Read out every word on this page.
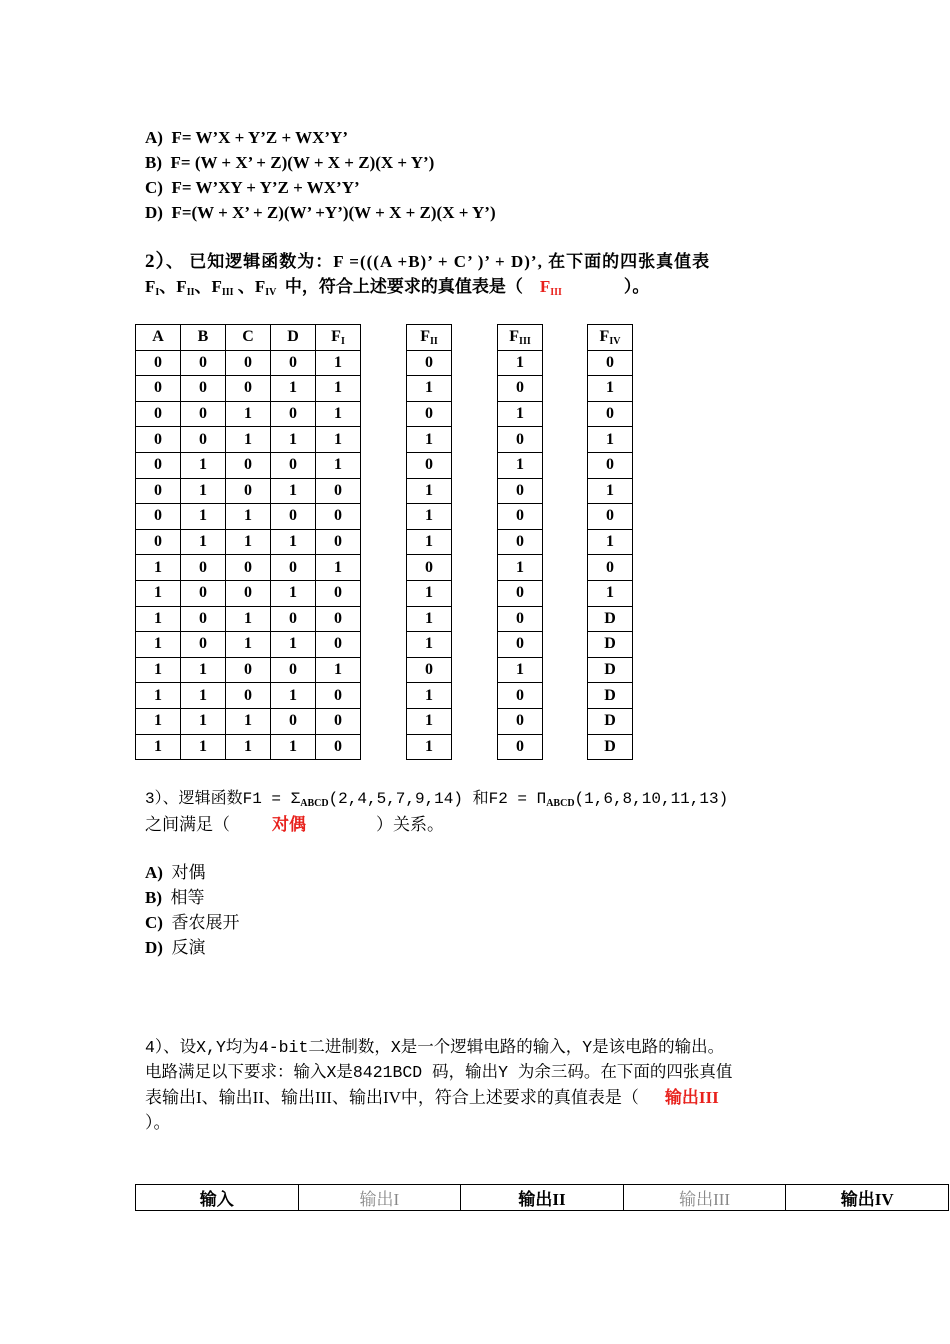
A) F= W’X + Y’Z + WX’Y’
B) F= (W + X’ + Z)(W + X + Z)(X + Y’)
C) F= W’XY + Y’Z + WX’Y’
D) F=(W + X’ + Z)(W’ +Y’)(W + X + Z)(X + Y’)
2）、 已知逻辑函数为：F =(((A +B)’ + C’ )’ + D)’, 在下面的四张真值表
$F_I$、$F_{II}$、$F_{III}$ 、$F_{IV}$ 中，符合上述要求的真值表是（ $F_{III}$	）。
A	B	C	D	$F_I$
0	0	0	0	1
0	0	0	1	1
0	0	1	0	1
0	0	1	1	1
0	1	0	0	1
0	1	0	1	0
0	1	1	0	0
0	1	1	1	0
1	0	0	0	1
1	0	0	1	0
1	0	1	0	0
1	0	1	1	0
1	1	0	0	1
1	1	0	1	0
1	1	1	0	0
1	1	1	1	0
$F_{II}$
0
1
0
1
0
1
1
1
0
1
1
1
0
1
1
1
$F_{III}$
1
0
1
0
1
0
0
0
1
0
0
0
1
0
0
0
$F_{IV}$
0
1
0
1
0
1
0
1
0
1
D
D
D
D
D
D
3）、逻辑函数$F1 = \Sigma_{ABCD}(2,4,5,7,9,14)$ 和$F2 = \Pi_{ABCD}(1,6,8,10,11,13)$
之间满足（ 对偶	）关系。
A) 对偶
B) 相等
C) 香农展开
D) 反演
4）、设X,Y均为4-bit二进制数，X是一个逻辑电路的输入，Y是该电路的输出。
电路满足以下要求：输入X是8421BCD 码，输出Y 为余三码。在下面的四张真值
表输出I、输出II、输出III、输出IV中，符合上述要求的真值表是（ 输出III
）。
输入	输出I	输出II	输出III	输出IV
